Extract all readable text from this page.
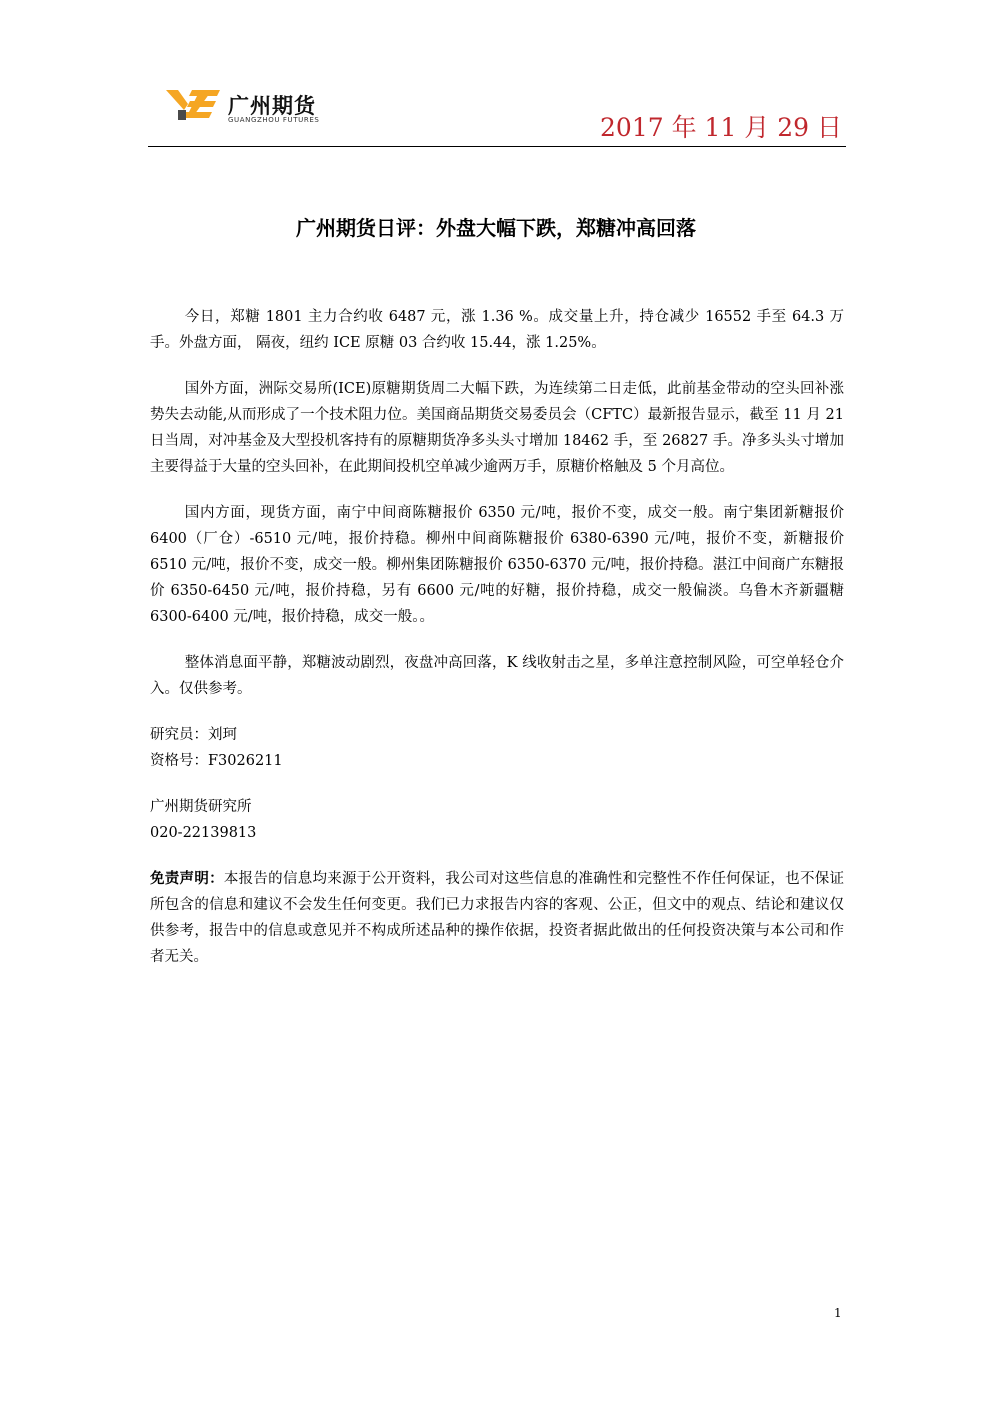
广州期货
GUANGZHOU FUTURES	2017 年 11 月 29 日
广州期货日评：外盘大幅下跌，郑糖冲高回落

今日，郑糖 1801 主力合约收 6487 元，涨 1.36 %。成交量上升，持仓减少 16552 手至 64.3 万手。外盘方面， 隔夜，纽约 ICE 原糖 03 合约收 15.44，涨 1.25%。

国外方面，洲际交易所(ICE)原糖期货周二大幅下跌，为连续第二日走低，此前基金带动的空头回补涨势失去动能,从而形成了一个技术阻力位。美国商品期货交易委员会（CFTC）最新报告显示，截至 11 月 21 日当周，对冲基金及大型投机客持有的原糖期货净多头头寸增加 18462 手，至 26827 手。净多头头寸增加主要得益于大量的空头回补，在此期间投机空单减少逾两万手，原糖价格触及 5 个月高位。

国内方面，现货方面，南宁中间商陈糖报价 6350 元/吨，报价不变，成交一般。南宁集团新糖报价 6400（厂仓）-6510 元/吨，报价持稳。柳州中间商陈糖报价 6380-6390 元/吨，报价不变，新糖报价 6510 元/吨，报价不变，成交一般。柳州集团陈糖报价 6350-6370 元/吨，报价持稳。湛江中间商广东糖报价 6350-6450 元/吨，报价持稳，另有 6600 元/吨的好糖，报价持稳，成交一般偏淡。乌鲁木齐新疆糖 6300-6400 元/吨，报价持稳，成交一般。。

整体消息面平静，郑糖波动剧烈，夜盘冲高回落，K 线收射击之星，多单注意控制风险，可空单轻仓介入。仅供参考。

研究员：刘珂

资格号：F3026211

广州期货研究所

020-22139813

免责声明：本报告的信息均来源于公开资料，我公司对这些信息的准确性和完整性不作任何保证，也不保证所包含的信息和建议不会发生任何变更。我们已力求报告内容的客观、公正，但文中的观点、结论和建议仅供参考，报告中的信息或意见并不构成所述品种的操作依据，投资者据此做出的任何投资决策与本公司和作者无关。

1
